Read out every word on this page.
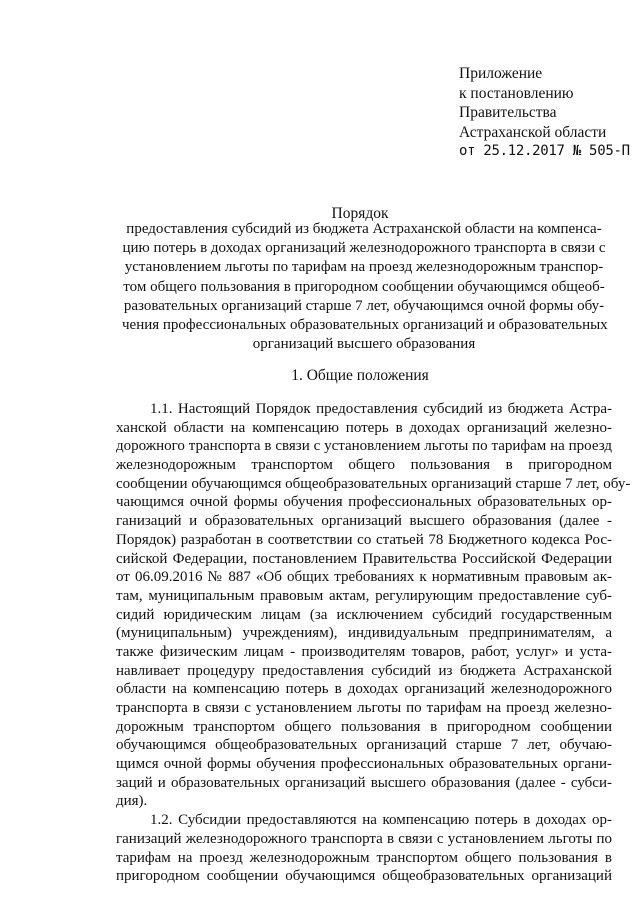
Приложение
к постановлению
Правительства
Астраханской области
от 25.12.2017 № 505-П
Порядок
предоставления субсидий из бюджета Астраханской области на компенса-
цию потерь в доходах организаций железнодорожного транспорта в связи с
установлением льготы по тарифам на проезд железнодорожным транспор-
том общего пользования в пригородном сообщении обучающимся общеоб-
разовательных организаций старше 7 лет, обучающимся очной формы обу-
чения профессиональных образовательных организаций и образовательных
организаций высшего образования
1. Общие положения
1.1. Настоящий Порядок предоставления субсидий из бюджета Астра-
ханской области на компенсацию потерь в доходах организаций железно-
дорожного транспорта в связи с установлением льготы по тарифам на проезд
железнодорожным транспортом общего пользования в пригородном
сообщении обучающимся общеобразовательных организаций старше 7 лет, обу-
чающимся очной формы обучения профессиональных образовательных ор-
ганизаций и образовательных организаций высшего образования (далее -
Порядок) разработан в соответствии со статьей 78 Бюджетного кодекса Рос-
сийской Федерации, постановлением Правительства Российской Федерации
от 06.09.2016 № 887 «Об общих требованиях к нормативным правовым ак-
там, муниципальным правовым актам, регулирующим предоставление суб-
сидий юридическим лицам (за исключением субсидий государственным
(муниципальным) учреждениям), индивидуальным предпринимателям, а
также физическим лицам - производителям товаров, работ, услуг» и уста-
навливает процедуру предоставления субсидий из бюджета Астраханской
области на компенсацию потерь в доходах организаций железнодорожного
транспорта в связи с установлением льготы по тарифам на проезд железно-
дорожным транспортом общего пользования в пригородном сообщении
обучающимся общеобразовательных организаций старше 7 лет, обучаю-
щимся очной формы обучения профессиональных образовательных органи-
заций и образовательных организаций высшего образования (далее - субси-
дия).
1.2. Субсидии предоставляются на компенсацию потерь в доходах ор-
ганизаций железнодорожного транспорта в связи с установлением льготы по
тарифам на проезд железнодорожным транспортом общего пользования в
пригородном сообщении обучающимся общеобразовательных организаций
